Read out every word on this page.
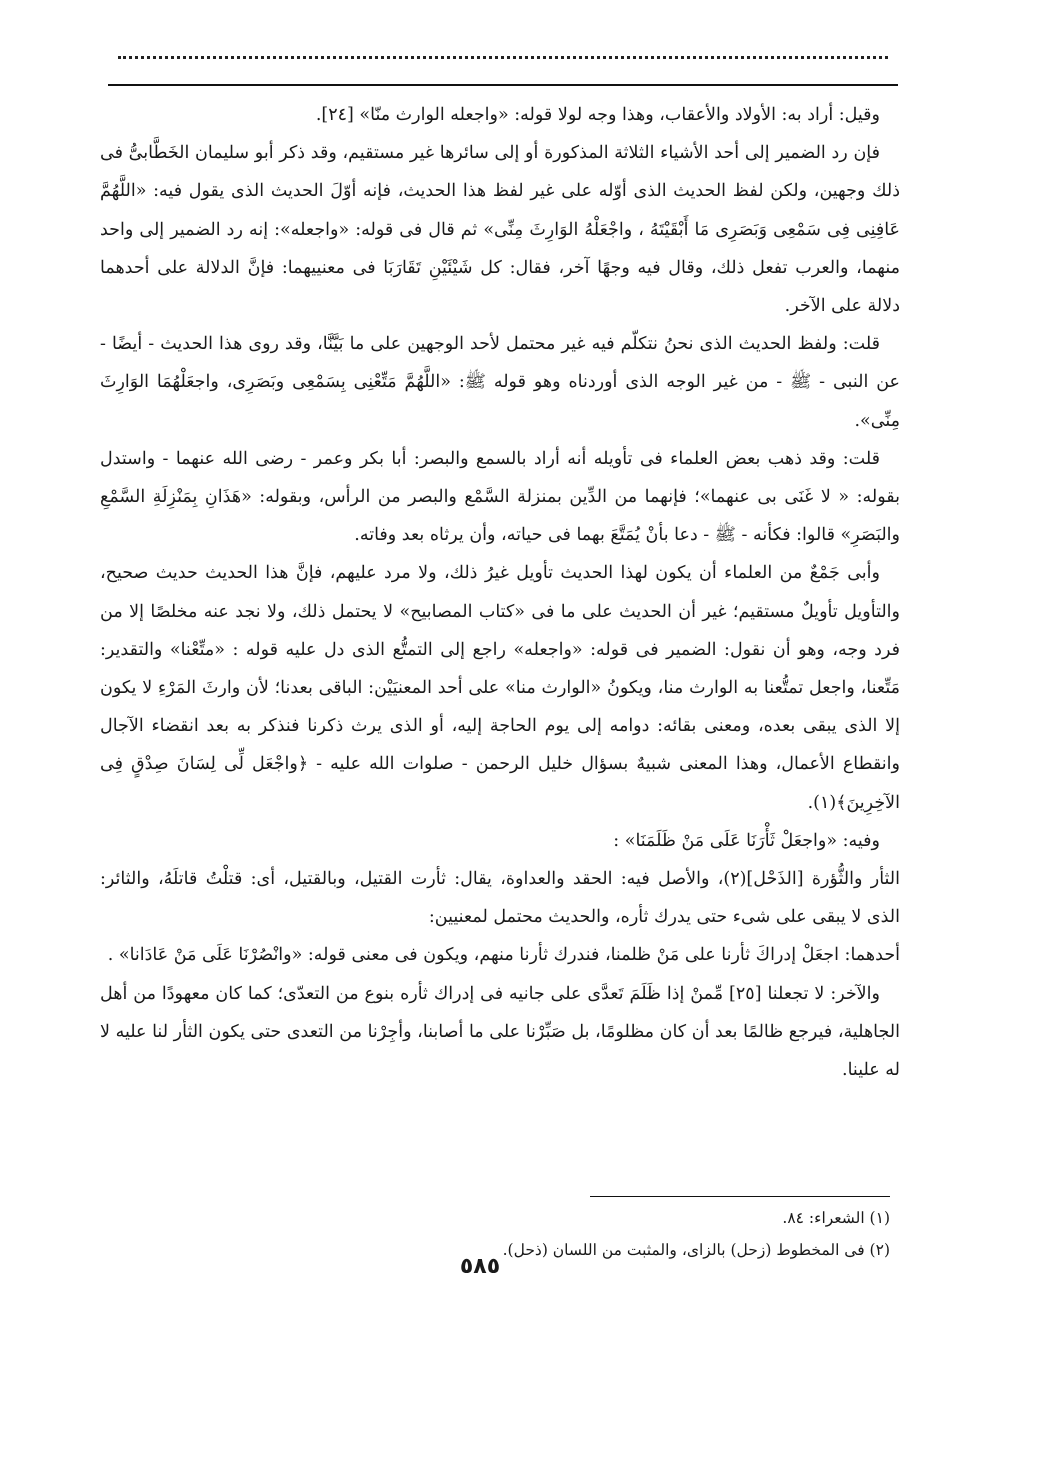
وقيل: أراد به: الأولاد والأعقاب، وهذا وجه لولا قوله: «واجعله الوارث منّا» [٢٤].

فإن رد الضمير إلى أحد الأشياء الثلاثة المذكورة أو إلى سائرها غير مستقيم، وقد ذكر أبو سليمان الخَطَّابىُّ فى ذلك وجهين، ولكن لفظ الحديث الذى أوّله على غير لفظ هذا الحديث، فإنه أوّلَ الحديث الذى يقول فيه: «اللَّهُمَّ عَافِنِى فِى سَمْعِى وَبَصَرِى مَا أَبْقَيْتَهُ ، واجْعَلْهُ الوَارِثَ مِنِّى» ثم قال فى قوله: «واجعله»: إنه رد الضمير إلى واحد منهما، والعرب تفعل ذلك، وقال فيه وجهًا آخر، فقال: كل شَيْئَيْنِ تَقَارَبَا فى معنييهما: فإنَّ الدلالة على أحدهما دلالة على الآخر.

قلت: ولفظ الحديث الذى نحنُ نتكلّم فيه غير محتمل لأحد الوجهين على ما بَيَّنَّا، وقد روى هذا الحديث - أيضًا - عن النبى - ﷺ - من غير الوجه الذى أوردناه وهو قوله ﷺ: «اللَّهُمَّ مَتِّعْنِى بِسَمْعِى وبَصَرِى، واجعَلْهُمَا الوَارِثَ مِنِّى».

قلت: وقد ذهب بعض العلماء فى تأويله أنه أراد بالسمع والبصر: أبا بكر وعمر - رضى الله عنهما - واستدل بقوله: « لا غَنَى بى عنهما»؛ فإنهما من الدِّين بمنزلة السَّمْع والبصر من الرأس، وبقوله: «هَذَانِ بِمَنْزِلَةِ السَّمْعِ والبَصَرِ» قالوا: فكأنه - ﷺ - دعا بأنْ يُمَتَّعَ بهما فى حياته، وأن يرثاه بعد وفاته.

وأبى جَمْعٌ من العلماء أن يكون لهذا الحديث تأويل غيرُ ذلك، ولا مرد عليهم، فإنَّ هذا الحديث حديث صحيح، والتأويل تأويلٌ مستقيم؛ غير أن الحديث على ما فى «كتاب المصابيح» لا يحتمل ذلك، ولا نجد عنه مخلصًا إلا من فرد وجه، وهو أن نقول: الضمير فى قوله: «واجعله» راجع إلى التمتُّع الذى دل عليه قوله : «متِّعْنا» والتقدير: مَتِّعنا، واجعل تمتُّعنا به الوارث منا، ويكونُ «الوارث منا» على أحد المعنيَيْن: الباقى بعدنا؛ لأن وارثَ المَرْءِ لا يكون إلا الذى يبقى بعده، ومعنى بقائه: دوامه إلى يوم الحاجة إليه، أو الذى يرث ذكرنا فنذكر به بعد انقضاء الآجال وانقطاع الأعمال، وهذا المعنى شبيهٌ بسؤال خليل الرحمن - صلوات الله عليه - ﴿واجْعَل لِّى لِسَانَ صِدْقٍ فِى الآخِرِينَ﴾(١).

وفيه: «واجعَلْ ثَأْرَنَا عَلَى مَنْ ظَلَمَنَا» :

الثأر والثُّؤرة [الذَحْل](٢)، والأصل فيه: الحقد والعداوة، يقال: ثأرت القتيل، وبالقتيل، أى: قتلْتُ قاتلَهُ، والثائر: الذى لا يبقى على شىء حتى يدرك ثأره، والحديث محتمل لمعنيين:

أحدهما: اجعَلْ إدراكَ ثأرنا على مَنْ ظلمنا، فندرك ثأرنا منهم، ويكون فى معنى قوله: «وانْصُرْنَا عَلَى مَنْ عَادَانا» .

والآخر: لا تجعلنا [٢٥] مِّمنْ إذا ظَلَمَ تَعدَّى على جانيه فى إدراك ثأره بنوع من التعدّى؛ كما كان معهودًا من أهل الجاهلية، فيرجع ظالمًا بعد أن كان مظلومًا، بل صَبِّرْنا على ما أصابنا، وأجِرْنا من التعدى حتى يكون الثأر لنا عليه لا له علينا.

(١) الشعراء: ٨٤.

(٢) فى المخطوط (زحل) بالزاى، والمثبت من اللسان (ذحل).

٥٨٥
